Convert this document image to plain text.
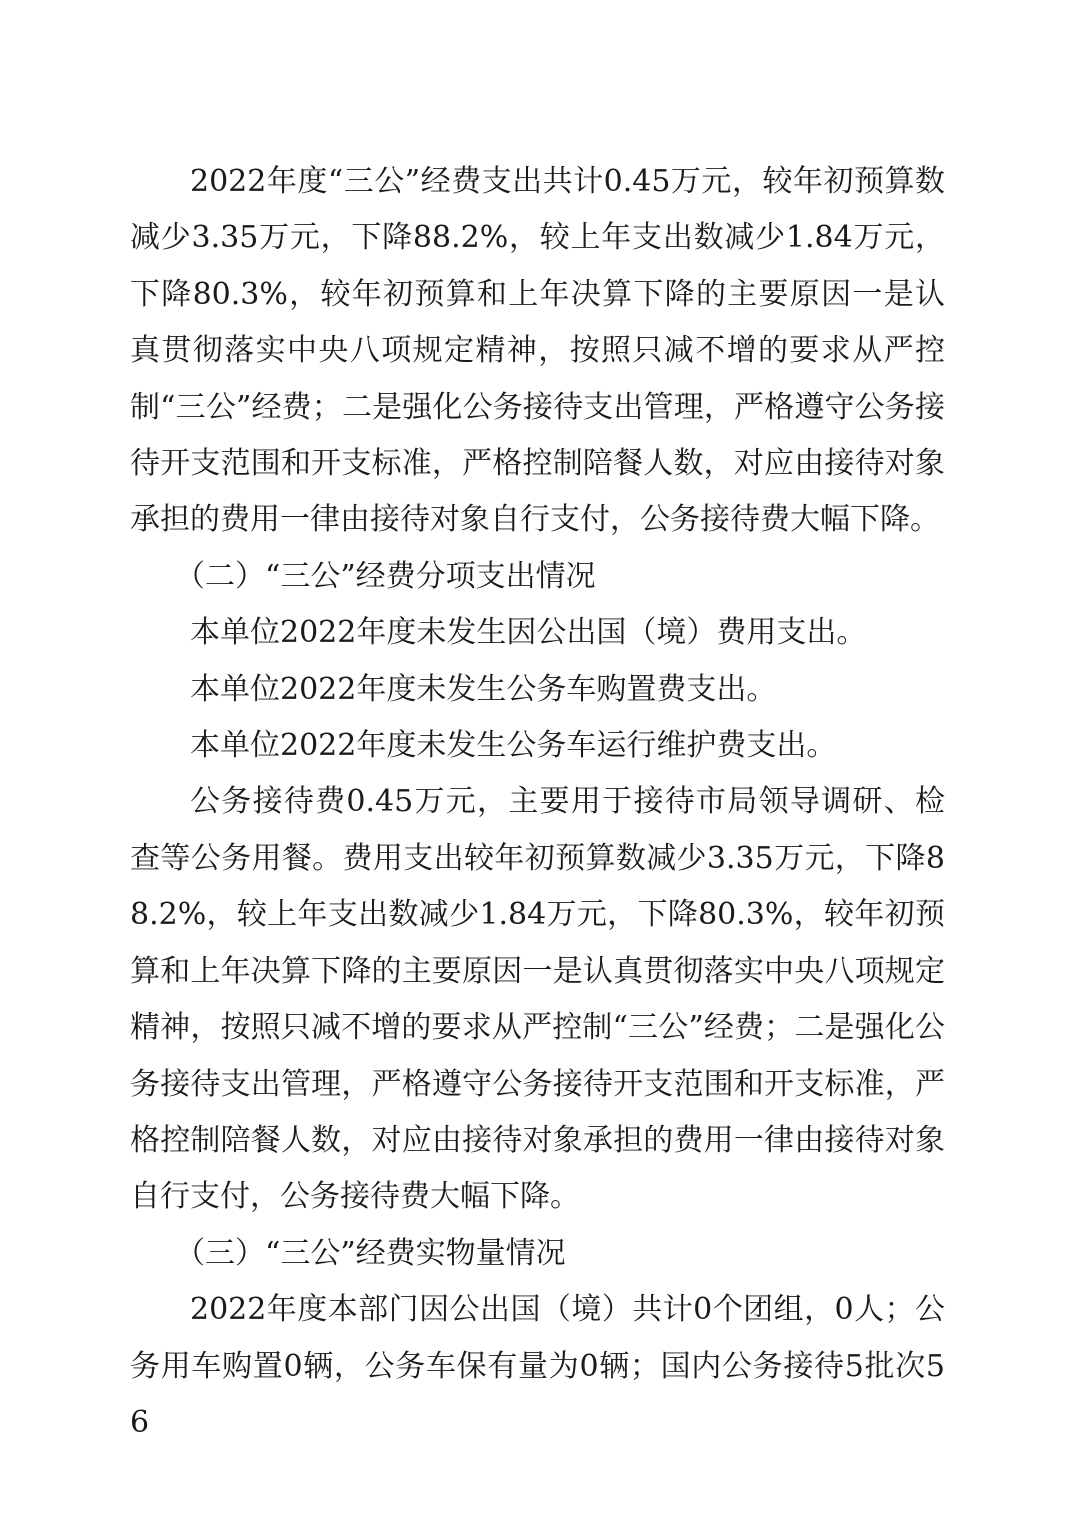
2022年度“三公”经费支出共计0.45万元，较年初预算数减少3.35万元，下降88.2%，较上年支出数减少1.84万元，下降80.3%，较年初预算和上年决算下降的主要原因一是认真贯彻落实中央八项规定精神，按照只减不增的要求从严控制“三公”经费；二是强化公务接待支出管理，严格遵守公务接待开支范围和开支标准，严格控制陪餐人数，对应由接待对象承担的费用一律由接待对象自行支付，公务接待费大幅下降。

（二）“三公”经费分项支出情况

本单位2022年度未发生因公出国（境）费用支出。

本单位2022年度未发生公务车购置费支出。

本单位2022年度未发生公务车运行维护费支出。

公务接待费0.45万元，主要用于接待市局领导调研、检查等公务用餐。费用支出较年初预算数减少3.35万元，下降88.2%，较上年支出数减少1.84万元，下降80.3%，较年初预算和上年决算下降的主要原因一是认真贯彻落实中央八项规定精神，按照只减不增的要求从严控制“三公”经费；二是强化公务接待支出管理，严格遵守公务接待开支范围和开支标准，严格控制陪餐人数，对应由接待对象承担的费用一律由接待对象自行支付，公务接待费大幅下降。

（三）“三公”经费实物量情况

2022年度本部门因公出国（境）共计0个团组，0人；公务用车购置0辆，公务车保有量为0辆；国内公务接待5批次56
